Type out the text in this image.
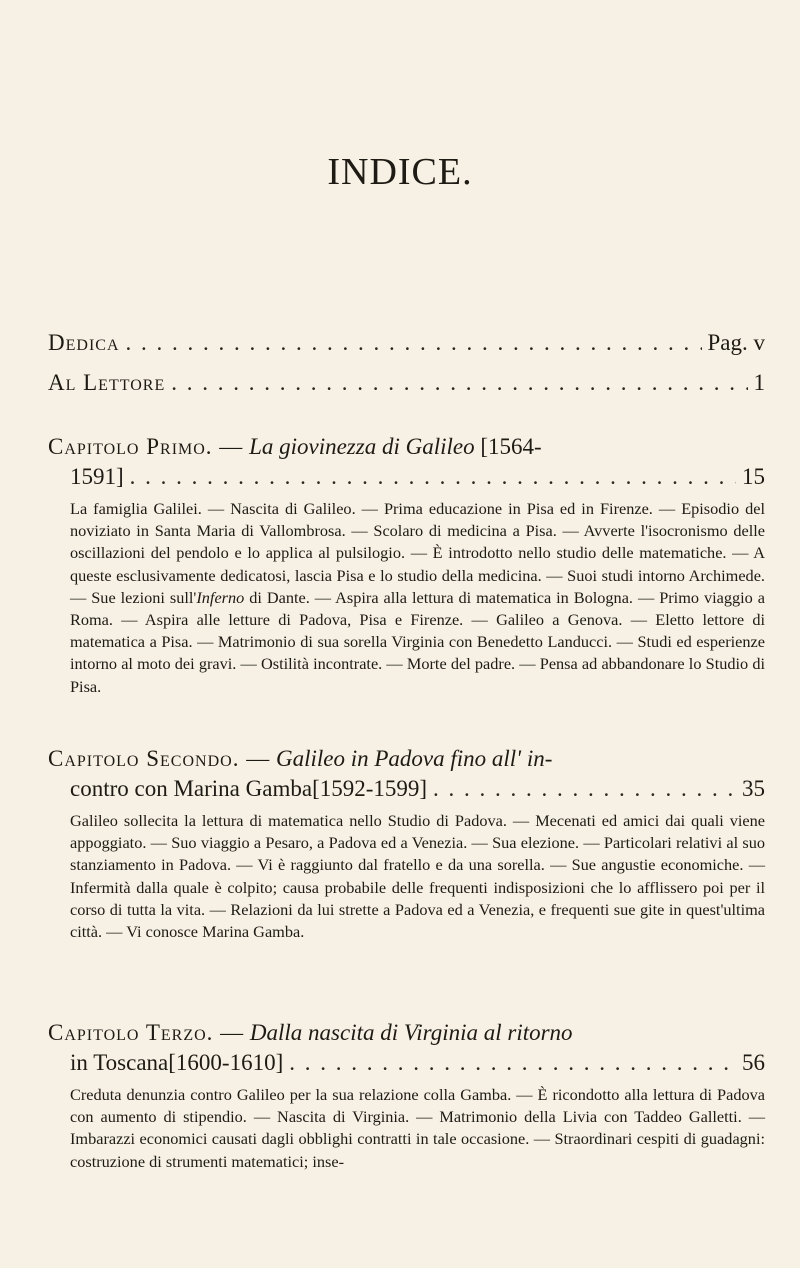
INDICE.
Dedica . . .	Pag. v
Al Lettore . . .	1
Capitolo Primo. — La giovinezza di Galileo [1564-
1591] . . .	15
La famiglia Galilei. — Nascita di Galileo. — Prima educazione in Pisa ed in Firenze. — Episodio del noviziato in Santa Maria di Vallombrosa. — Scolaro di medicina a Pisa. — Avverte l'isocronismo delle oscillazioni del pendolo e lo applica al pulsilogio. — È introdotto nello studio delle matematiche. — A queste esclusivamente dedicatosi, lascia Pisa e lo studio della medicina. — Suoi studi intorno Archimede. — Sue lezioni sull'Inferno di Dante. — Aspira alla lettura di matematica in Bologna. — Primo viaggio a Roma. — Aspira alle letture di Padova, Pisa e Firenze. — Galileo a Genova. — Eletto lettore di matematica a Pisa. — Matrimonio di sua sorella Virginia con Benedetto Landucci. — Studi ed esperienze intorno al moto dei gravi. — Ostilità incontrate. — Morte del padre. — Pensa ad abbandonare lo Studio di Pisa.
Capitolo Secondo. — Galileo in Padova fino all' in-
contro con Marina Gamba [1592-1599] . . .	35
Galileo sollecita la lettura di matematica nello Studio di Padova. — Mecenati ed amici dai quali viene appoggiato. — Suo viaggio a Pesaro, a Padova ed a Venezia. — Sua elezione. — Particolari relativi al suo stanziamento in Padova. — Vi è raggiunto dal fratello e da una sorella. — Sue angustie economiche. — Infermità dalla quale è colpito; causa probabile delle frequenti indisposizioni che lo afflissero poi per il corso di tutta la vita. — Relazioni da lui strette a Padova ed a Venezia, e frequenti sue gite in quest'ultima città. — Vi conosce Marina Gamba.
Capitolo Terzo. — Dalla nascita di Virginia al ritorno
in Toscana [1600-1610] . . .	56
Creduta denunzia contro Galileo per la sua relazione colla Gamba. — È ricondotto alla lettura di Padova con aumento di stipendio. — Nascita di Virginia. — Matrimonio della Livia con Taddeo Galletti. — Imbarazzi economici causati dagli obblighi contratti in tale occasione. — Straordinari cespiti di guadagni: costruzione di strumenti matematici; inse-
